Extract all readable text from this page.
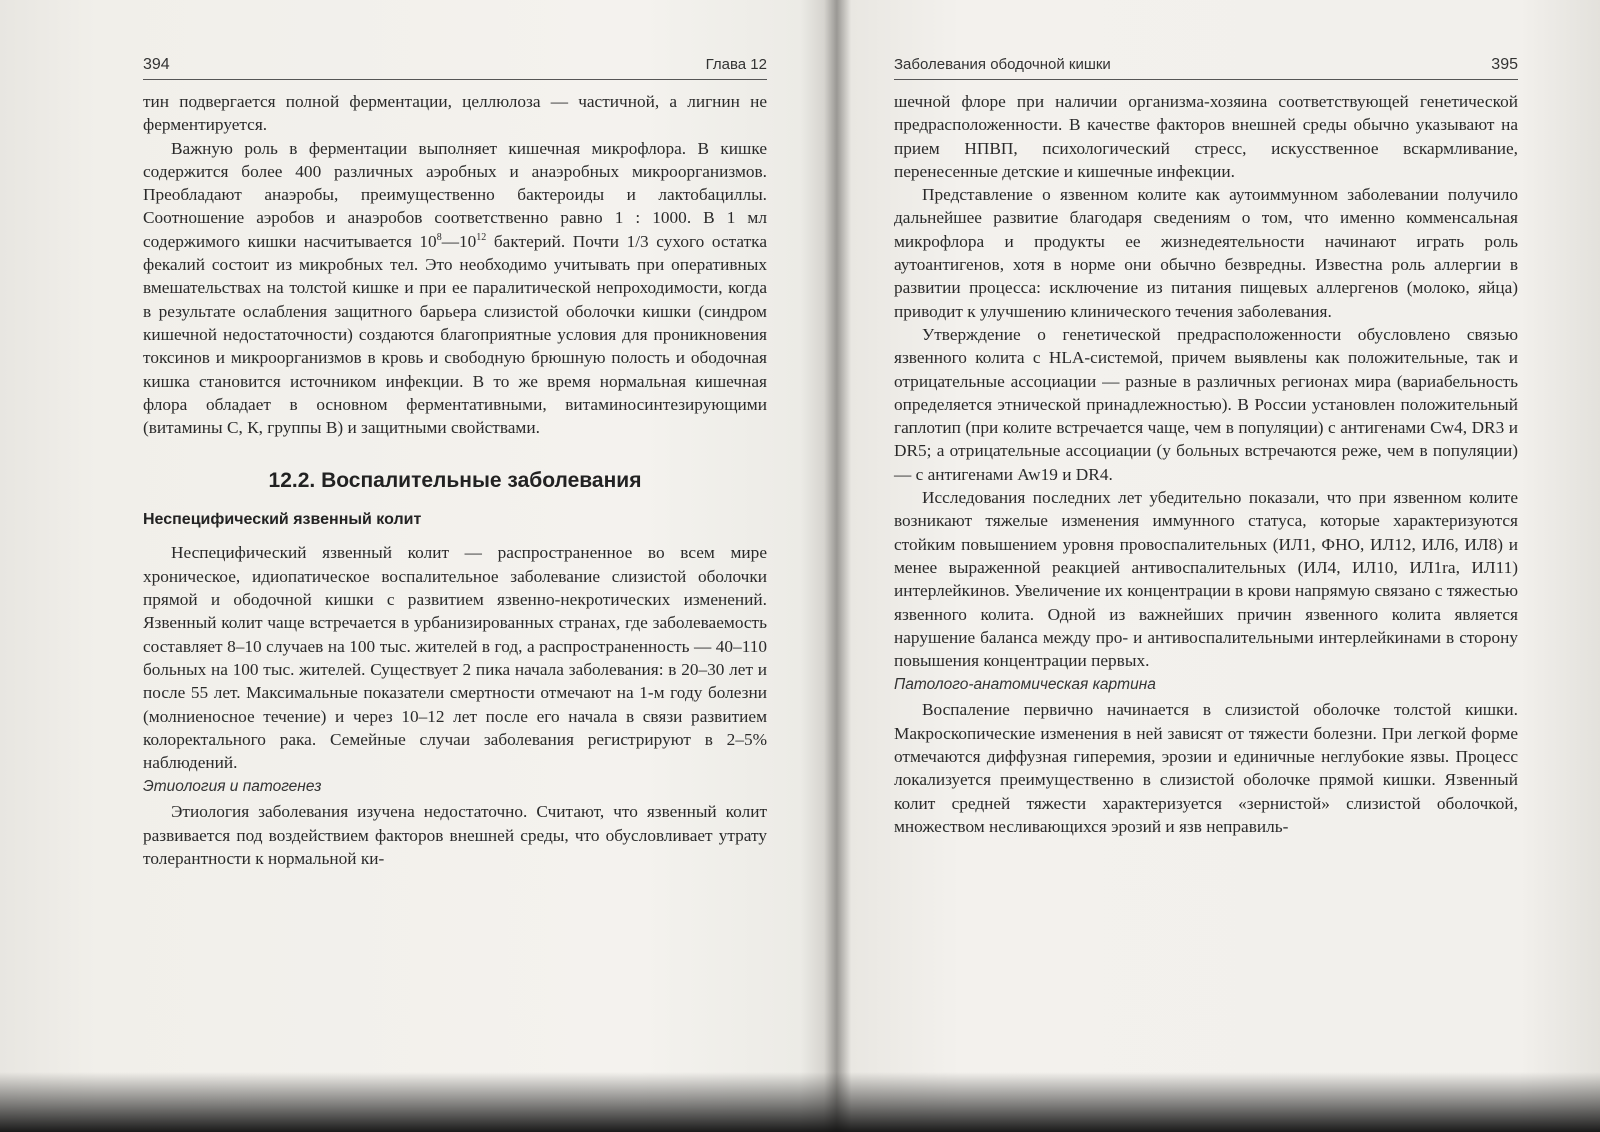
394	Глава 12

тин подвергается полной ферментации, целлюлоза — частичной, а лигнин не ферментируется.

Важную роль в ферментации выполняет кишечная микрофлора. В кишке содержится более 400 различных аэробных и анаэробных микроорганизмов. Преобладают анаэробы, преимущественно бактероиды и лактобациллы. Соотношение аэробов и анаэробов соответственно равно 1 : 1000. В 1 мл содержимого кишки насчитывается $10^8—10^{12}$ бактерий. Почти 1/3 сухого остатка фекалий состоит из микробных тел. Это необходимо учитывать при оперативных вмешательствах на толстой кишке и при ее паралитической непроходимости, когда в результате ослабления защитного барьера слизистой оболочки кишки (синдром кишечной недостаточности) создаются благоприятные условия для проникновения токсинов и микроорганизмов в кровь и свободную брюшную полость и ободочная кишка становится источником инфекции. В то же время нормальная кишечная флора обладает в основном ферментативными, витаминосинтезирующими (витамины С, К, группы В) и защитными свойствами.

12.2. Воспалительные заболевания
Неспецифический язвенный колит

Неспецифический язвенный колит — распространенное во всем мире хроническое, идиопатическое воспалительное заболевание слизистой оболочки прямой и ободочной кишки с развитием язвенно-некротических изменений. Язвенный колит чаще встречается в урбанизированных странах, где заболеваемость составляет 8–10 случаев на 100 тыс. жителей в год, а распространенность — 40–110 больных на 100 тыс. жителей. Существует 2 пика начала заболевания: в 20–30 лет и после 55 лет. Максимальные показатели смертности отмечают на 1-м году болезни (молниеносное течение) и через 10–12 лет после его начала в связи развитием колоректального рака. Семейные случаи заболевания регистрируют в 2–5% наблюдений.

Этиология и патогенез

Этиология заболевания изучена недостаточно. Считают, что язвенный колит развивается под воздействием факторов внешней среды, что обусловливает утрату толерантности к нормальной ки-

Заболевания ободочной кишки	395

шечной флоре при наличии организма-хозяина соответствующей генетической предрасположенности. В качестве факторов внешней среды обычно указывают на прием НПВП, психологический стресс, искусственное вскармливание, перенесенные детские и кишечные инфекции.

Представление о язвенном колите как аутоиммунном заболевании получило дальнейшее развитие благодаря сведениям о том, что именно комменсальная микрофлора и продукты ее жизнедеятельности начинают играть роль аутоантигенов, хотя в норме они обычно безвредны. Известна роль аллергии в развитии процесса: исключение из питания пищевых аллергенов (молоко, яйца) приводит к улучшению клинического течения заболевания.

Утверждение о генетической предрасположенности обусловлено связью язвенного колита с HLA-системой, причем выявлены как положительные, так и отрицательные ассоциации — разные в различных регионах мира (вариабельность определяется этнической принадлежностью). В России установлен положительный гаплотип (при колите встречается чаще, чем в популяции) с антигенами Cw4, DR3 и DR5; а отрицательные ассоциации (у больных встречаются реже, чем в популяции) — с антигенами Aw19 и DR4.

Исследования последних лет убедительно показали, что при язвенном колите возникают тяжелые изменения иммунного статуса, которые характеризуются стойким повышением уровня провоспалительных (ИЛ1, ФНО, ИЛ12, ИЛ6, ИЛ8) и менее выраженной реакцией антивоспалительных (ИЛ4, ИЛ10, ИЛ1ra, ИЛ11) интерлейкинов. Увеличение их концентрации в крови напрямую связано с тяжестью язвенного колита. Одной из важнейших причин язвенного колита является нарушение баланса между про- и антивоспалительными интерлейкинами в сторону повышения концентрации первых.

Патолого-анатомическая картина

Воспаление первично начинается в слизистой оболочке толстой кишки. Макроскопические изменения в ней зависят от тяжести болезни. При легкой форме отмечаются диффузная гиперемия, эрозии и единичные неглубокие язвы. Процесс локализуется преимущественно в слизистой оболочке прямой кишки. Язвенный колит средней тяжести характеризуется «зернистой» слизистой оболочкой, множеством несливающихся эрозий и язв неправиль-
